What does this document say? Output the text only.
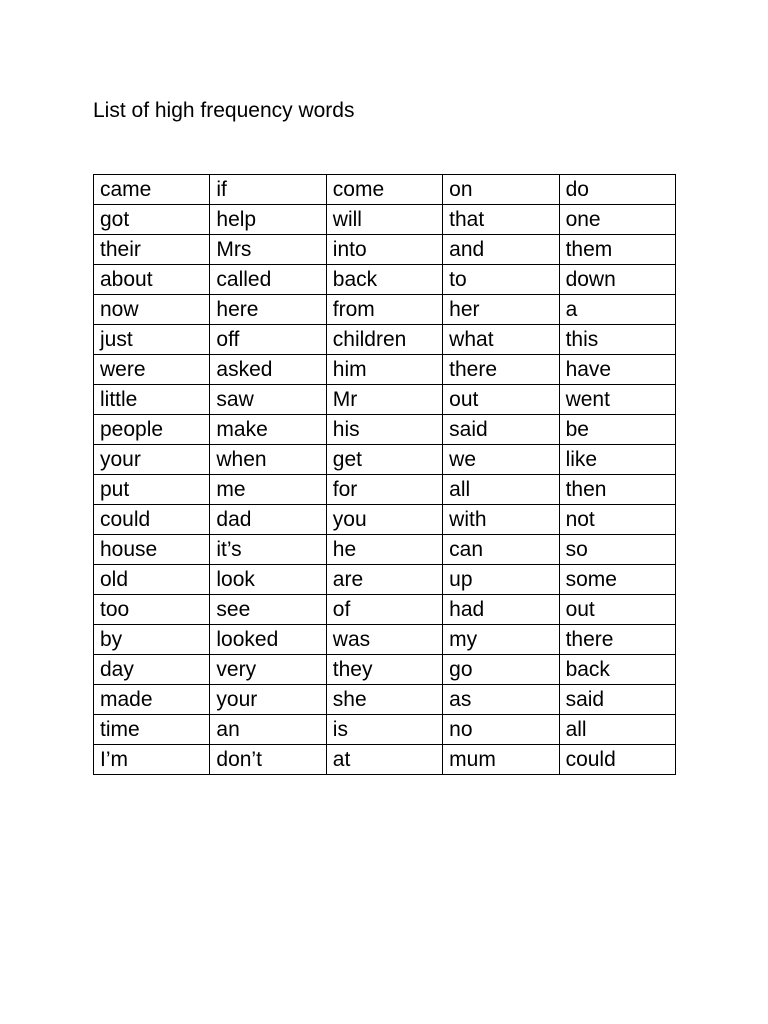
List of high frequency words
came	if	come	on	do
got	help	will	that	one
their	Mrs	into	and	them
about	called	back	to	down
now	here	from	her	a
just	off	children	what	this
were	asked	him	there	have
little	saw	Mr	out	went
people	make	his	said	be
your	when	get	we	like
put	me	for	all	then
could	dad	you	with	not
house	it’s	he	can	so
old	look	are	up	some
too	see	of	had	out
by	looked	was	my	there
day	very	they	go	back
made	your	she	as	said
time	an	is	no	all
I’m	don’t	at	mum	could
